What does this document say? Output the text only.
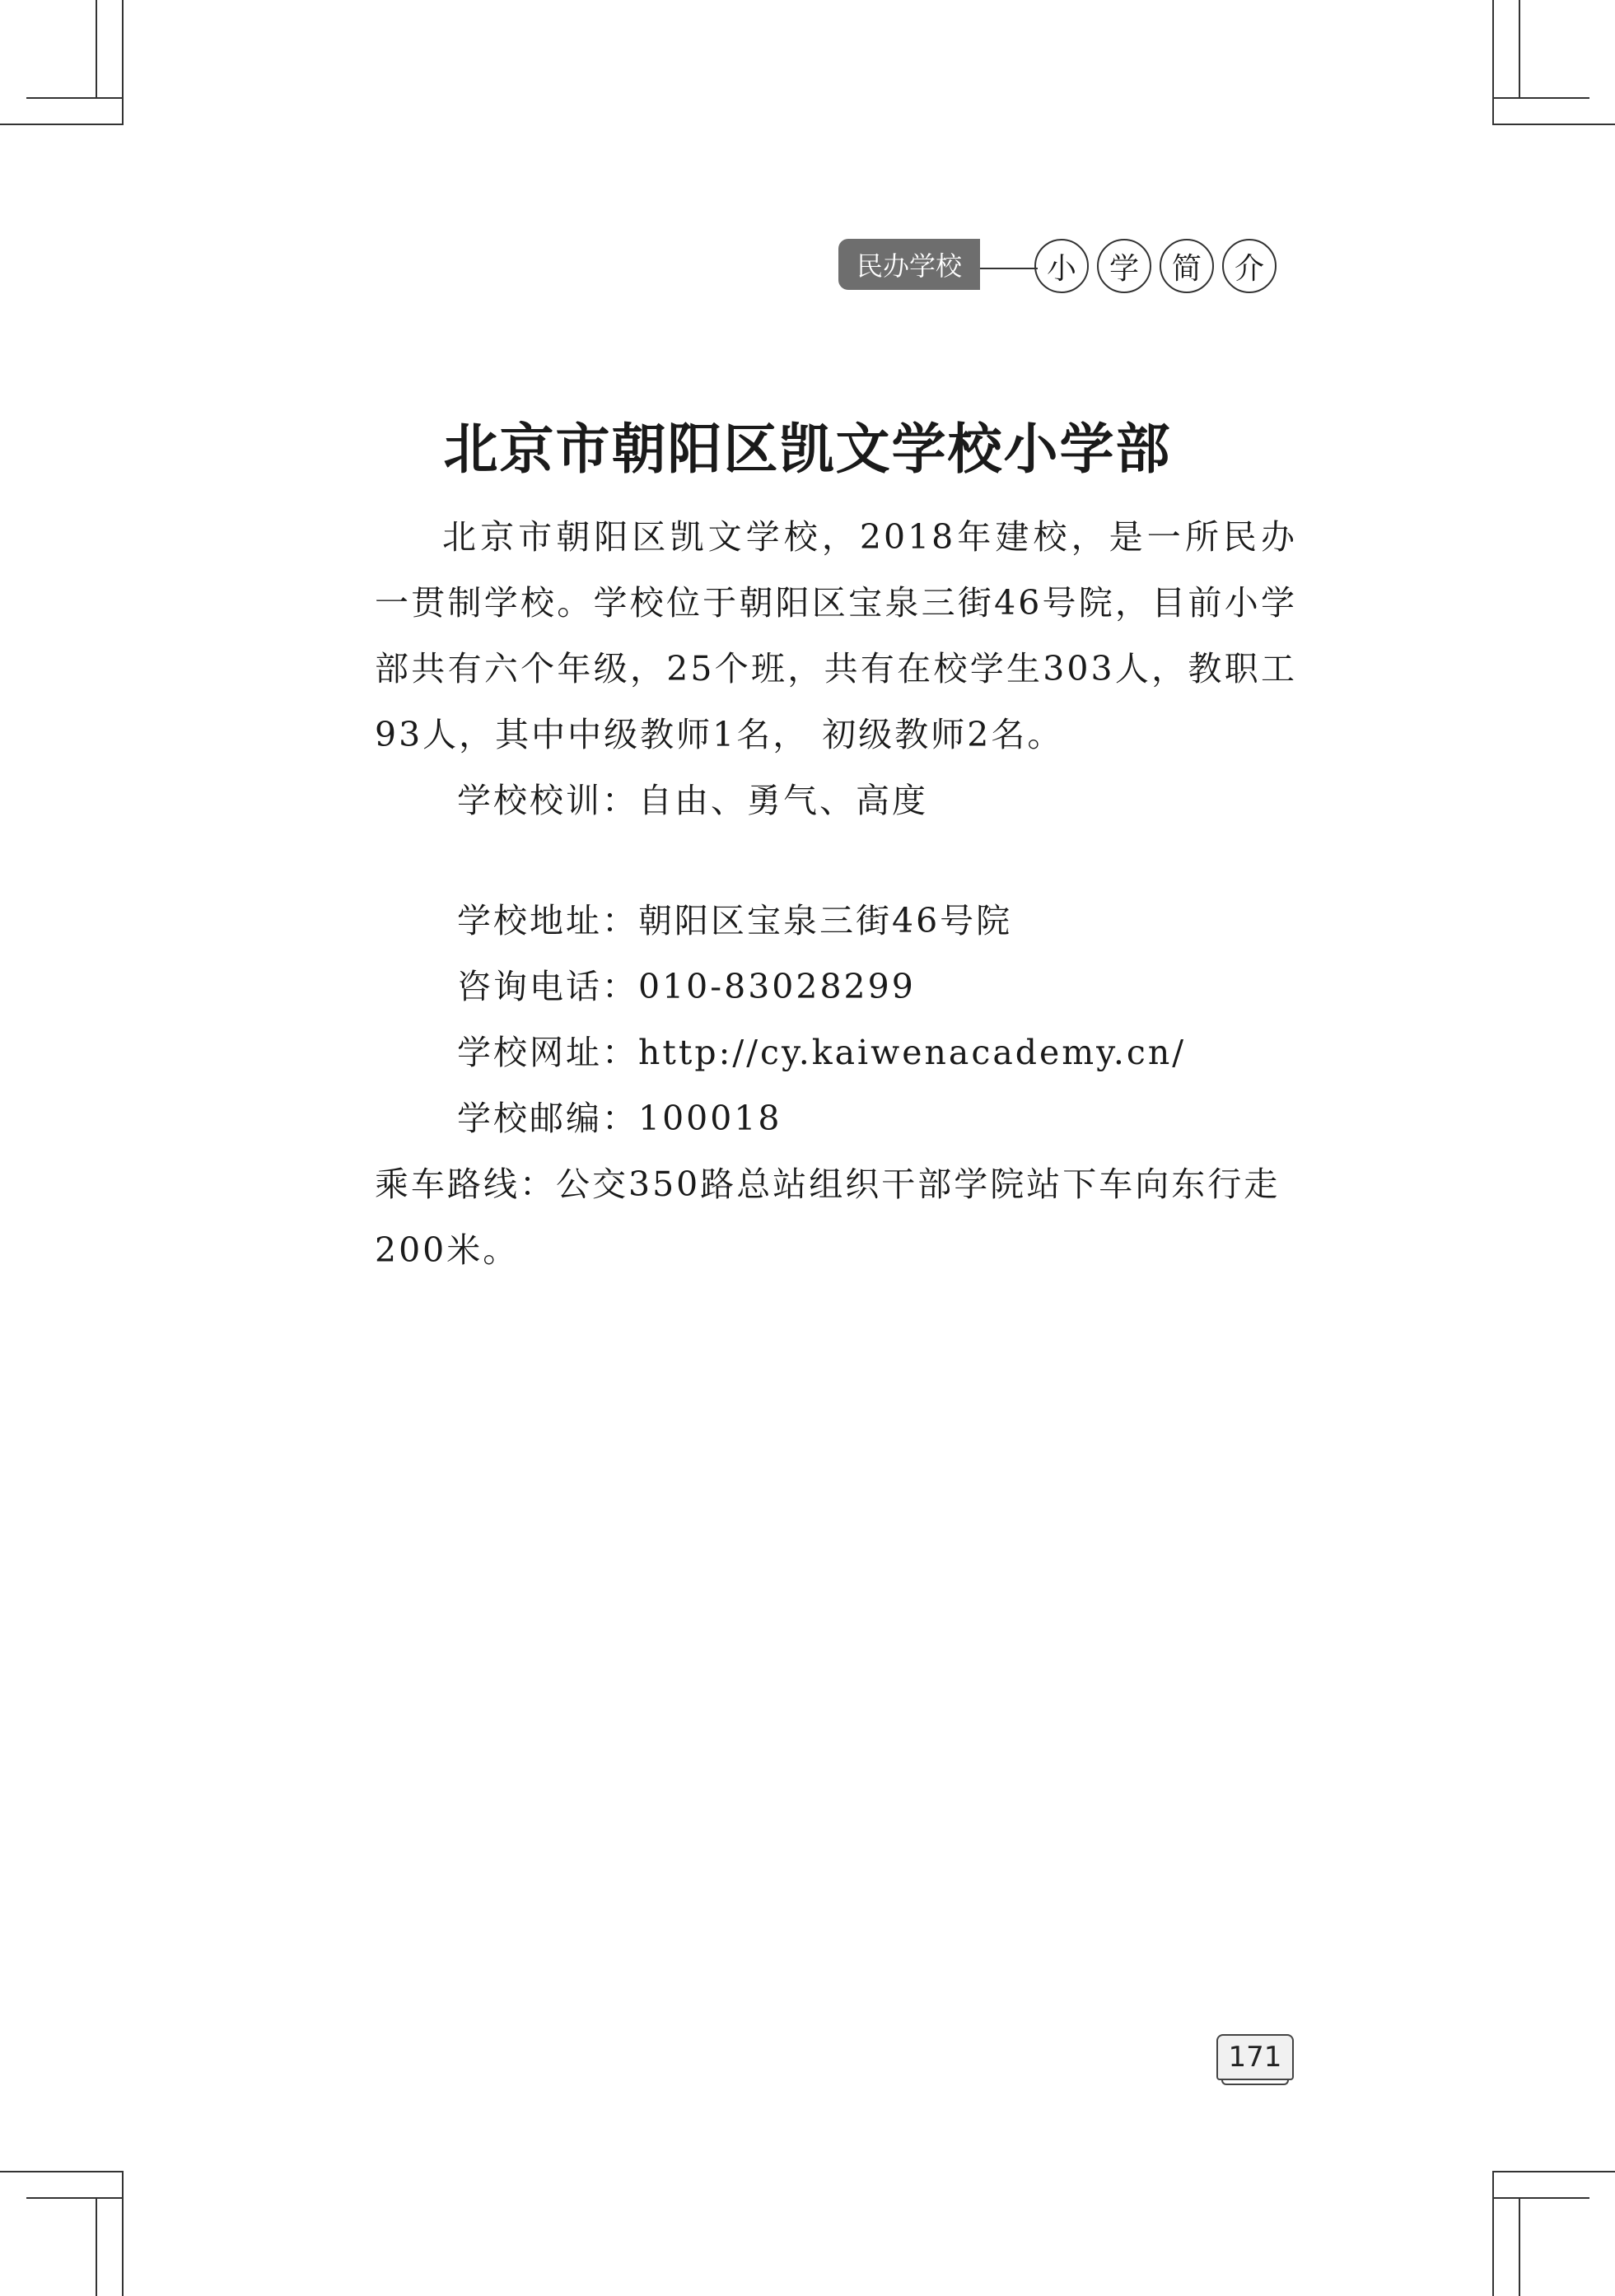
民办学校	小	学	简	介
北京市朝阳区凯文学校小学部

北京市朝阳区凯文学校，2018年建校，是一所民办一贯制学校。学校位于朝阳区宝泉三街46号院，目前小学部共有六个年级，25个班，共有在校学生303人，教职工93人，其中中级教师1名， 初级教师2名。

学校校训：自由、勇气、高度
学校地址：朝阳区宝泉三街46号院
咨询电话：010-83028299
学校网址：http://cy.kaiwenacademy.cn/
学校邮编：100018
乘车路线：公交350路总站组织干部学院站下车向东行走200米。
171
